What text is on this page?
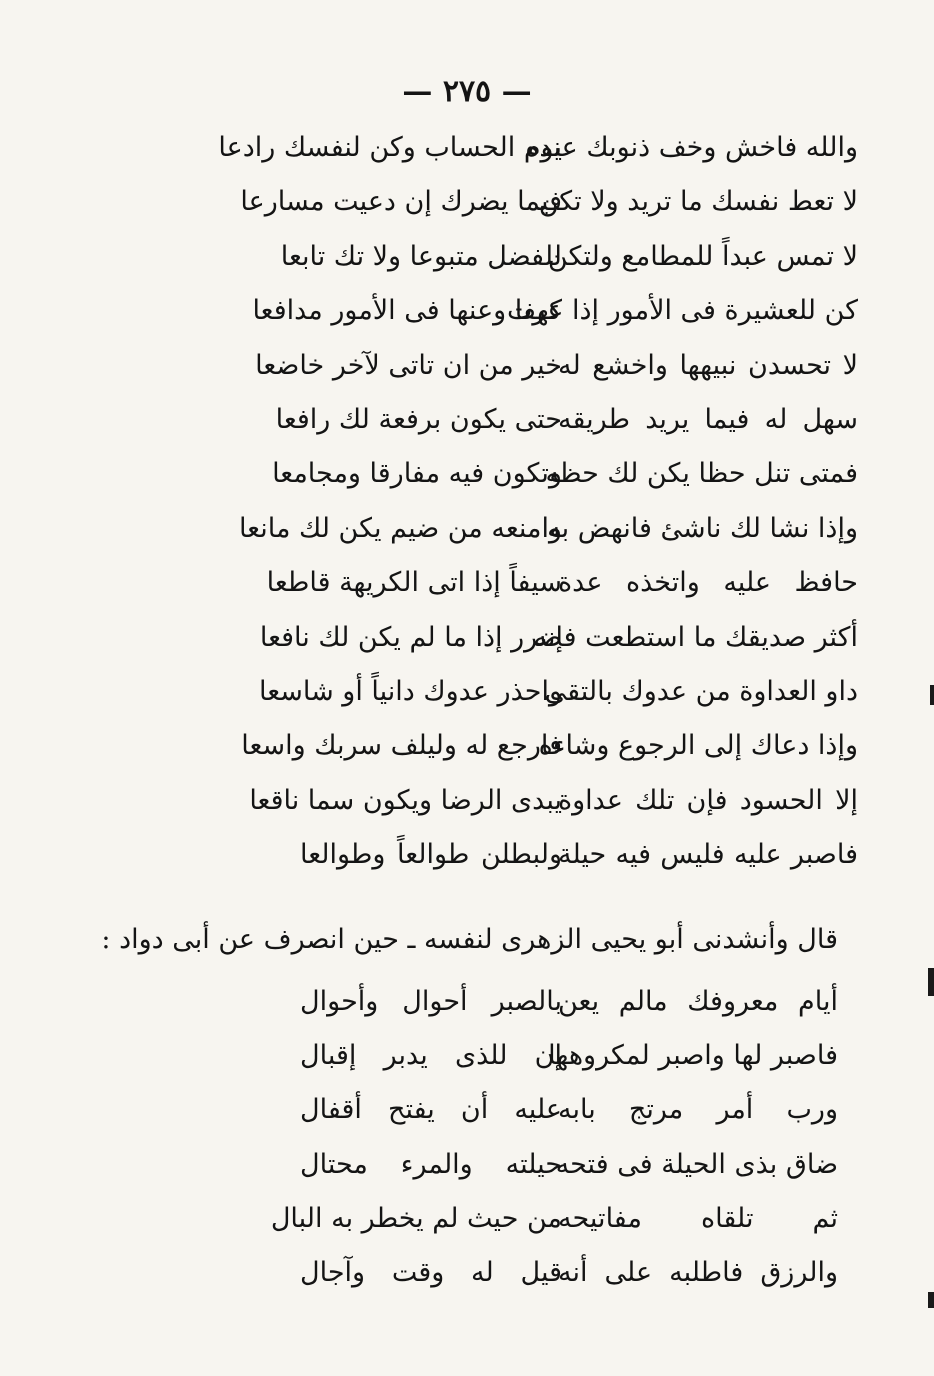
— ٢٧٥ —
والله فاخش وخف ذنوبك عنده
يوم الحساب وكن لنفسك رادعا
لا تعط نفسك ما تريد ولا تكن
فيما يضرك إن دعيت مسارعا
لا تمس عبداً للمطامع ولتكن
للفضل متبوعا ولا تك تابعا
كن للعشيرة فى الأمور إذا عرت
كهفا وعنها فى الأمور مدافعا
لا تحسدن نبيهها واخشع له
خير من ان تاتى لآخر خاضعا
سهل له فيما يريد طريقه
حتى يكون برفعة لك رافعا
فمتى تنل حظا يكن لك حظه
وتكون فيه مفارقا ومجامعا
وإذا نشا لك ناشئ فانهض به
وامنعه من ضيم يكن لك مانعا
حافظ عليه واتخذه عدة
سيفاً إذا اتى الكريهة قاطعا
أكثر صديقك ما استطعت فإنه
ضرر إذا ما لم يكن لك نافعا
داو العداوة من عدوك بالتقى
واحذر عدوك دانياً أو شاسعا
وإذا دعاك إلى الرجوع وشاءه
فارجع له وليلف سربك واسعا
إلا الحسود فإن تلك عداوة
يبدى الرضا ويكون سما ناقعا
فاصبر عليه فليس فيه حيلة
ولبطلن طوالعاً وطوالعا
قال وأنشدنى أبو يحيى الزهرى لنفسه ـ حين انصرف عن أبى دواد :
أيام معروفك مالم يعن
بالصبر أحوال وأحوال
فاصبر لها واصبر لمكروهها
إن للذى يدبر إقبال
ورب أمر مرتج بابه
عليه أن يفتح أقفال
ضاق بذى الحيلة فى فتحه
حيلته والمرء محتال
ثم تلقاه مفاتيحه
من حيث لم يخطر به البال
والرزق فاطلبه على أنه
قيل له وقت وآجال
